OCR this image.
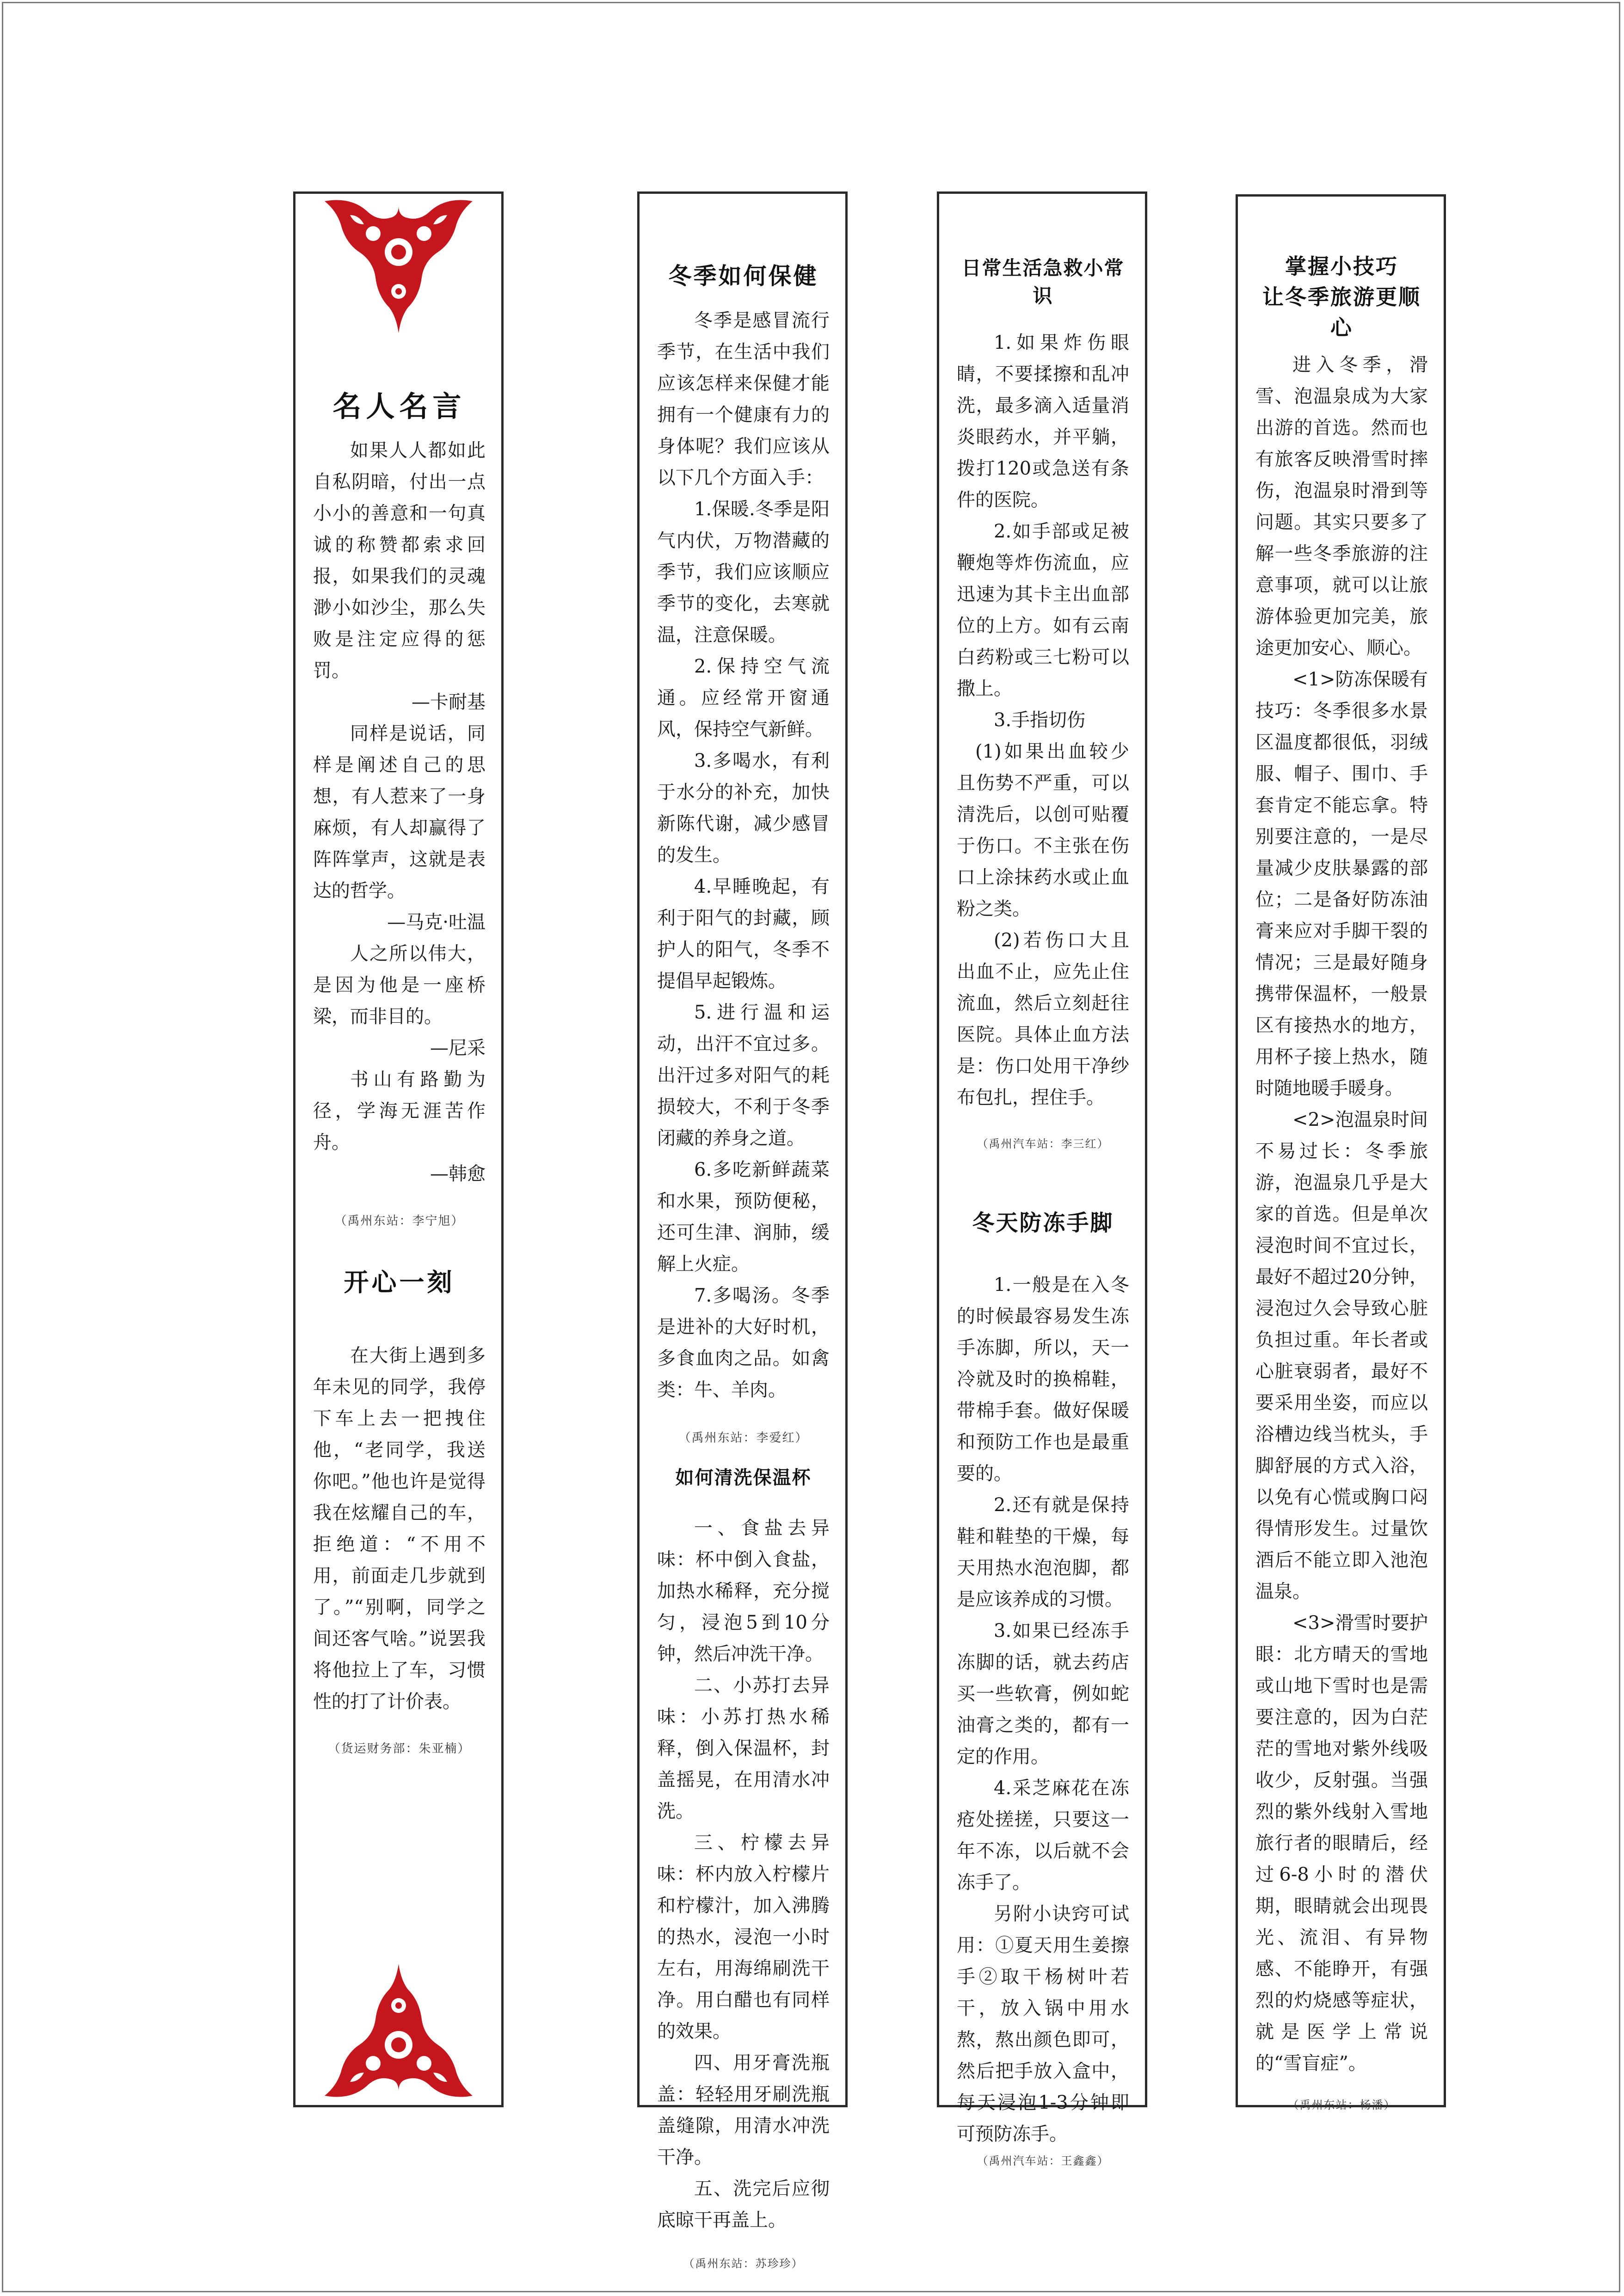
名人名言

如果人人都如此自私阴暗，付出一点小小的善意和一句真诚的称赞都索求回报，如果我们的灵魂渺小如沙尘，那么失败是注定应得的惩罚。

—卡耐基

同样是说话，同样是阐述自己的思想，有人惹来了一身麻烦，有人却赢得了阵阵掌声，这就是表达的哲学。

—马克·吐温

人之所以伟大，是因为他是一座桥梁，而非目的。

—尼采

书山有路勤为径，学海无涯苦作舟。

—韩愈

（禹州东站：李宁旭）
开心一刻

在大街上遇到多年未见的同学，我停下车上去一把拽住他，“老同学，我送你吧。”他也许是觉得我在炫耀自己的车，拒绝道：“不用不用，前面走几步就到了。”“别啊，同学之间还客气啥。”说罢我将他拉上了车，习惯性的打了计价表。

（货运财务部：朱亚楠）
冬季如何保健

冬季是感冒流行季节，在生活中我们应该怎样来保健才能拥有一个健康有力的身体呢？我们应该从以下几个方面入手：

1.保暖.冬季是阳气内伏，万物潜藏的季节，我们应该顺应季节的变化，去寒就温，注意保暖。

2.保持空气流通。应经常开窗通风，保持空气新鲜。

3.多喝水，有利于水分的补充，加快新陈代谢，减少感冒的发生。

4.早睡晚起，有利于阳气的封藏，顾护人的阳气，冬季不提倡早起锻炼。

5.进行温和运动，出汗不宜过多。出汗过多对阳气的耗损较大，不利于冬季闭藏的养身之道。

6.多吃新鲜蔬菜和水果，预防便秘，还可生津、润肺，缓解上火症。

7.多喝汤。冬季是进补的大好时机，多食血肉之品。如禽类：牛、羊肉。

（禹州东站：李爱红）
如何清洗保温杯

一、食盐去异味：杯中倒入食盐，加热水稀释，充分搅匀，浸泡5到10分钟，然后冲洗干净。

二、小苏打去异味：小苏打热水稀释，倒入保温杯，封盖摇晃，在用清水冲洗。

三、柠檬去异味：杯内放入柠檬片和柠檬汁，加入沸腾的热水，浸泡一小时左右，用海绵刷洗干净。用白醋也有同样的效果。

四、用牙膏洗瓶盖：轻轻用牙刷洗瓶盖缝隙，用清水冲洗干净。

五、洗完后应彻底晾干再盖上。

（禹州东站：苏珍珍）
日常生活急救小常识

1.如果炸伤眼睛，不要揉擦和乱冲洗，最多滴入适量消炎眼药水，并平躺，拨打120或急送有条件的医院。

2.如手部或足被鞭炮等炸伤流血，应迅速为其卡主出血部位的上方。如有云南白药粉或三七粉可以撒上。

3.手指切伤

(1)如果出血较少且伤势不严重，可以清洗后，以创可贴覆于伤口。不主张在伤口上涂抹药水或止血粉之类。

(2)若伤口大且出血不止，应先止住流血，然后立刻赶往医院。具体止血方法是：伤口处用干净纱布包扎，捏住手。

（禹州汽车站：李三红）
冬天防冻手脚

1.一般是在入冬的时候最容易发生冻手冻脚，所以，天一冷就及时的换棉鞋，带棉手套。做好保暖和预防工作也是最重要的。

2.还有就是保持鞋和鞋垫的干燥，每天用热水泡泡脚，都是应该养成的习惯。

3.如果已经冻手冻脚的话，就去药店买一些软膏，例如蛇油膏之类的，都有一定的作用。

4.采芝麻花在冻疮处搓搓，只要这一年不冻，以后就不会冻手了。

另附小诀窍可试用：①夏天用生姜擦手②取干杨树叶若干，放入锅中用水熬，熬出颜色即可，然后把手放入盒中，每天浸泡1-3分钟即可预防冻手。

（禹州汽车站：王鑫鑫）
掌握小技巧
让冬季旅游更顺心

进入冬季，滑雪、泡温泉成为大家出游的首选。然而也有旅客反映滑雪时摔伤，泡温泉时滑到等问题。其实只要多了解一些冬季旅游的注意事项，就可以让旅游体验更加完美，旅途更加安心、顺心。

<1>防冻保暖有技巧：冬季很多水景区温度都很低，羽绒服、帽子、围巾、手套肯定不能忘拿。特别要注意的，一是尽量减少皮肤暴露的部位；二是备好防冻油膏来应对手脚干裂的情况；三是最好随身携带保温杯，一般景区有接热水的地方，用杯子接上热水，随时随地暖手暖身。

<2>泡温泉时间不易过长：冬季旅游，泡温泉几乎是大家的首选。但是单次浸泡时间不宜过长，最好不超过20分钟，浸泡过久会导致心脏负担过重。年长者或心脏衰弱者，最好不要采用坐姿，而应以浴槽边线当枕头，手脚舒展的方式入浴，以免有心慌或胸口闷得情形发生。过量饮酒后不能立即入池泡温泉。

<3>滑雪时要护眼：北方晴天的雪地或山地下雪时也是需要注意的，因为白茫茫的雪地对紫外线吸收少，反射强。当强烈的紫外线射入雪地旅行者的眼睛后，经过6-8小时的潜伏期，眼睛就会出现畏光、流泪、有异物感、不能睁开，有强烈的灼烧感等症状，就是医学上常说的“雪盲症”。

（禹州东站：杨潘）
